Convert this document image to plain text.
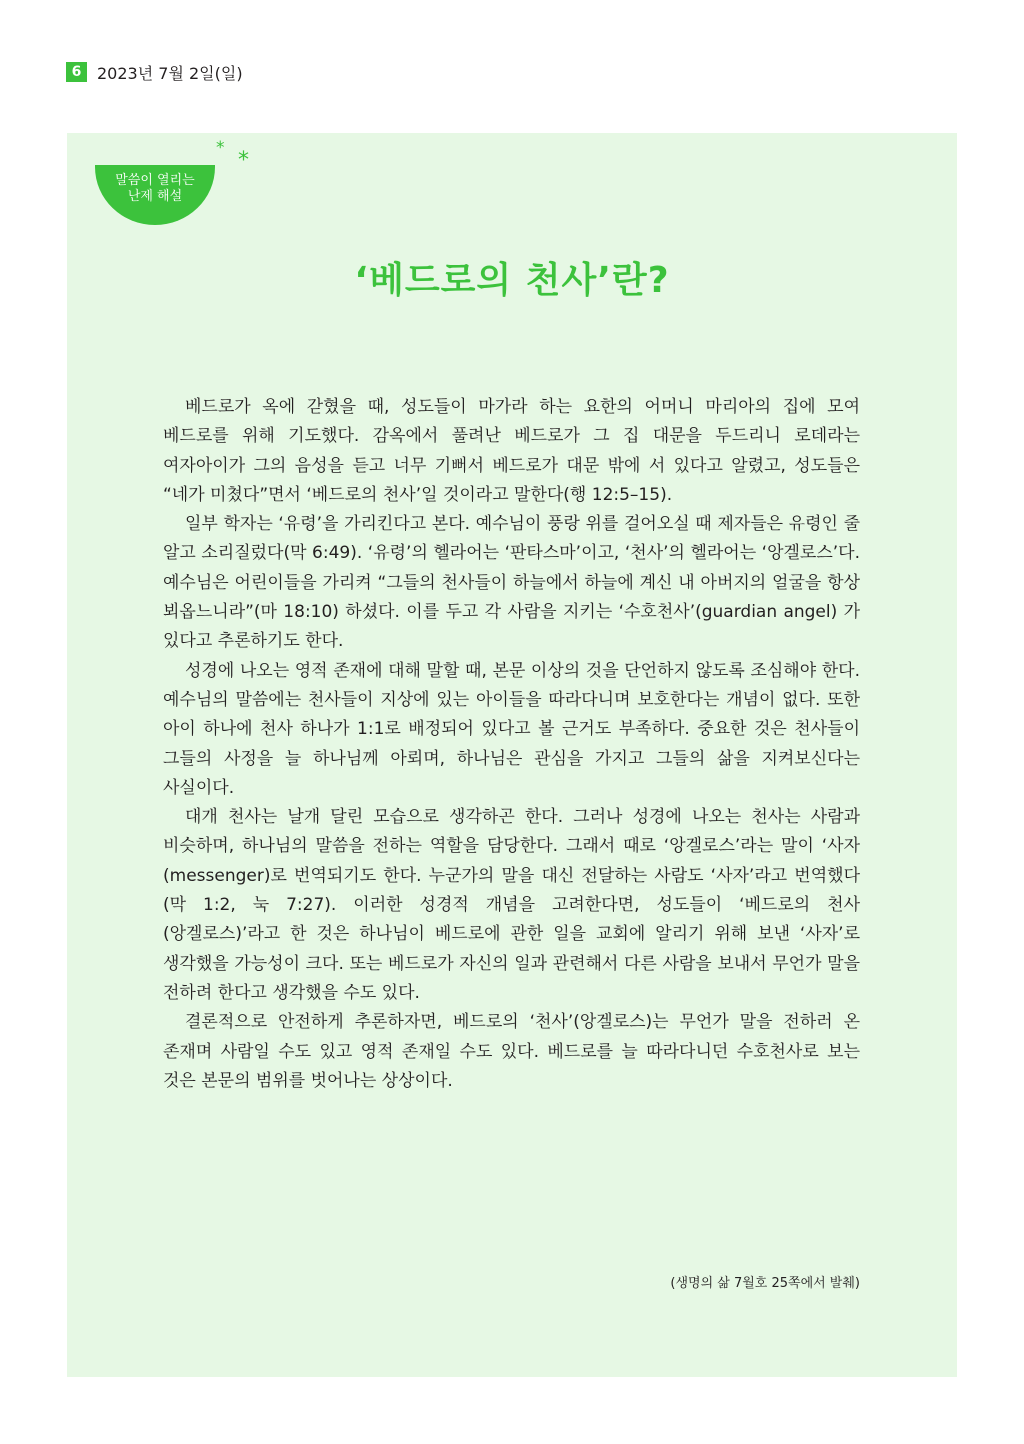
6 2023년 7월 2일(일)
말씀이 열리는
난제 해설
* *
‘베드로의 천사’란?

베드로가 옥에 갇혔을 때, 성도들이 마가라 하는 요한의 어머니 마리아의 집에 모여 베드로를 위해 기도했다. 감옥에서 풀려난 베드로가 그 집 대문을 두드리니 로데라는 여자아이가 그의 음성을 듣고 너무 기뻐서 베드로가 대문 밖에 서 있다고 알렸고, 성도들은 “네가 미쳤다”면서 ‘베드로의 천사’일 것이라고 말한다(행 12:5–15).

일부 학자는 ‘유령’을 가리킨다고 본다. 예수님이 풍랑 위를 걸어오실 때 제자들은 유령인 줄 알고 소리질렀다(막 6:49). ‘유령’의 헬라어는 ‘판타스마’이고, ‘천사’의 헬라어는 ‘앙겔로스’다. 예수님은 어린이들을 가리켜 “그들의 천사들이 하늘에서 하늘에 계신 내 아버지의 얼굴을 항상 뵈옵느니라”(마 18:10) 하셨다. 이를 두고 각 사람을 지키는 ‘수호천사’(guardian angel) 가 있다고 추론하기도 한다.

성경에 나오는 영적 존재에 대해 말할 때, 본문 이상의 것을 단언하지 않도록 조심해야 한다. 예수님의 말씀에는 천사들이 지상에 있는 아이들을 따라다니며 보호한다는 개념이 없다. 또한 아이 하나에 천사 하나가 1:1로 배정되어 있다고 볼 근거도 부족하다. 중요한 것은 천사들이 그들의 사정을 늘 하나님께 아뢰며, 하나님은 관심을 가지고 그들의 삶을 지켜보신다는 사실이다.

대개 천사는 날개 달린 모습으로 생각하곤 한다. 그러나 성경에 나오는 천사는 사람과 비슷하며, 하나님의 말씀을 전하는 역할을 담당한다. 그래서 때로 ‘앙겔로스’라는 말이 ‘사자(messenger)로 번역되기도 한다. 누군가의 말을 대신 전달하는 사람도 ‘사자’라고 번역했다(막 1:2, 눅 7:27). 이러한 성경적 개념을 고려한다면, 성도들이 ‘베드로의 천사(앙겔로스)’라고 한 것은 하나님이 베드로에 관한 일을 교회에 알리기 위해 보낸 ‘사자’로 생각했을 가능성이 크다. 또는 베드로가 자신의 일과 관련해서 다른 사람을 보내서 무언가 말을 전하려 한다고 생각했을 수도 있다.

결론적으로 안전하게 추론하자면, 베드로의 ‘천사’(앙겔로스)는 무언가 말을 전하러 온 존재며 사람일 수도 있고 영적 존재일 수도 있다. 베드로를 늘 따라다니던 수호천사로 보는 것은 본문의 범위를 벗어나는 상상이다.

(생명의 삶 7월호 25쪽에서 발췌)
